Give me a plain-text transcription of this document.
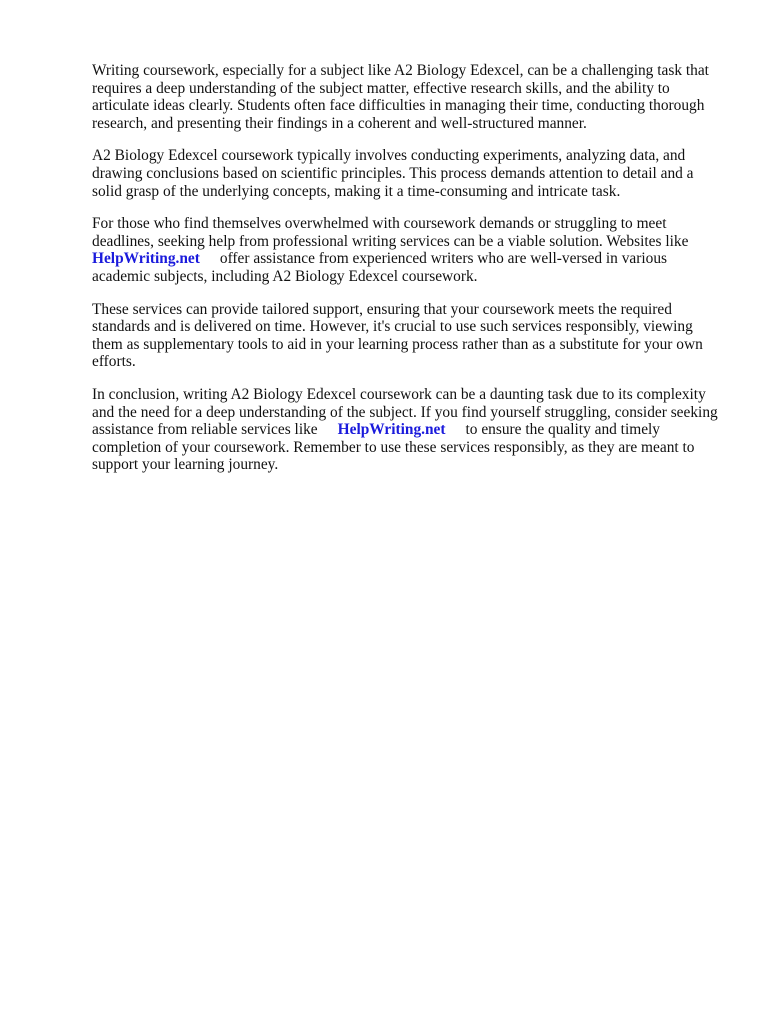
Writing coursework, especially for a subject like A2 Biology Edexcel, can be a challenging task that requires a deep understanding of the subject matter, effective research skills, and the ability to articulate ideas clearly. Students often face difficulties in managing their time, conducting thorough research, and presenting their findings in a coherent and well-structured manner.

A2 Biology Edexcel coursework typically involves conducting experiments, analyzing data, and drawing conclusions based on scientific principles. This process demands attention to detail and a solid grasp of the underlying concepts, making it a time-consuming and intricate task.

For those who find themselves overwhelmed with coursework demands or struggling to meet deadlines, seeking help from professional writing services can be a viable solution. Websites like
HelpWriting.net offer assistance from experienced writers who are well-versed in various academic subjects, including A2 Biology Edexcel coursework.

These services can provide tailored support, ensuring that your coursework meets the required standards and is delivered on time. However, it's crucial to use such services responsibly, viewing them as supplementary tools to aid in your learning process rather than as a substitute for your own efforts.

In conclusion, writing A2 Biology Edexcel coursework can be a daunting task due to its complexity and the need for a deep understanding of the subject. If you find yourself struggling, consider seeking assistance from reliable services like HelpWriting.net to ensure the quality and timely completion of your coursework. Remember to use these services responsibly, as they are meant to support your learning journey.
